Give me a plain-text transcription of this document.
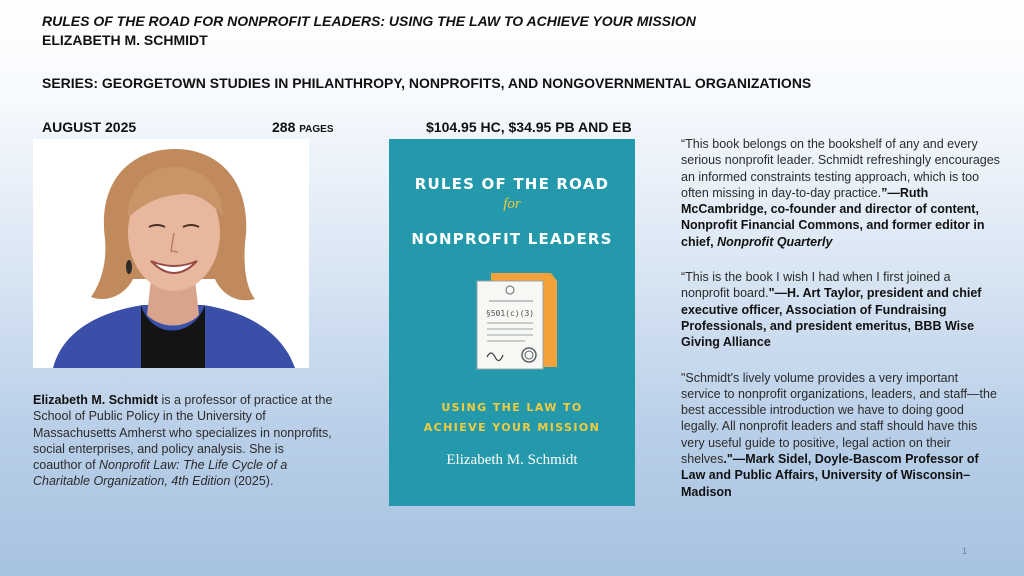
RULES OF THE ROAD FOR NONPROFIT LEADERS: USING THE LAW TO ACHIEVE YOUR MISSION
ELIZABETH M. SCHMIDT
SERIES: GEORGETOWN STUDIES IN PHILANTHROPY, NONPROFITS, AND NONGOVERNMENTAL ORGANIZATIONS
AUGUST 2025	288 PAGES	$104.95 HC, $34.95 PB AND EB
Elizabeth M. Schmidt is a professor of practice at the School of Public Policy in the University of Massachusetts Amherst who specializes in nonprofits, social enterprises, and policy analysis. She is coauthor of Nonprofit Law: The Life Cycle of a Charitable Organization, 4th Edition (2025).
RULES OF THE ROAD
for
NONPROFIT LEADERS
§501(c)(3)
USING THE LAW TO
ACHIEVE YOUR MISSION
Elizabeth M. Schmidt

“This book belongs on the bookshelf of any and every serious nonprofit leader. Schmidt refreshingly encourages an informed constraints testing approach, which is too often missing in day-to-day practice.”—Ruth McCambridge, co-founder and director of content, Nonprofit Financial Commons, and former editor in chief, Nonprofit Quarterly

“This is the book I wish I had when I first joined a nonprofit board."—H. Art Taylor, president and chief executive officer, Association of Fundraising Professionals, and president emeritus, BBB Wise Giving Alliance

"Schmidt's lively volume provides a very important service to nonprofit organizations, leaders, and staff—the best accessible introduction we have to doing good legally. All nonprofit leaders and staff should have this very useful guide to positive, legal action on their shelves."—Mark Sidel, Doyle-Bascom Professor of Law and Public Affairs, University of Wisconsin–Madison

1
